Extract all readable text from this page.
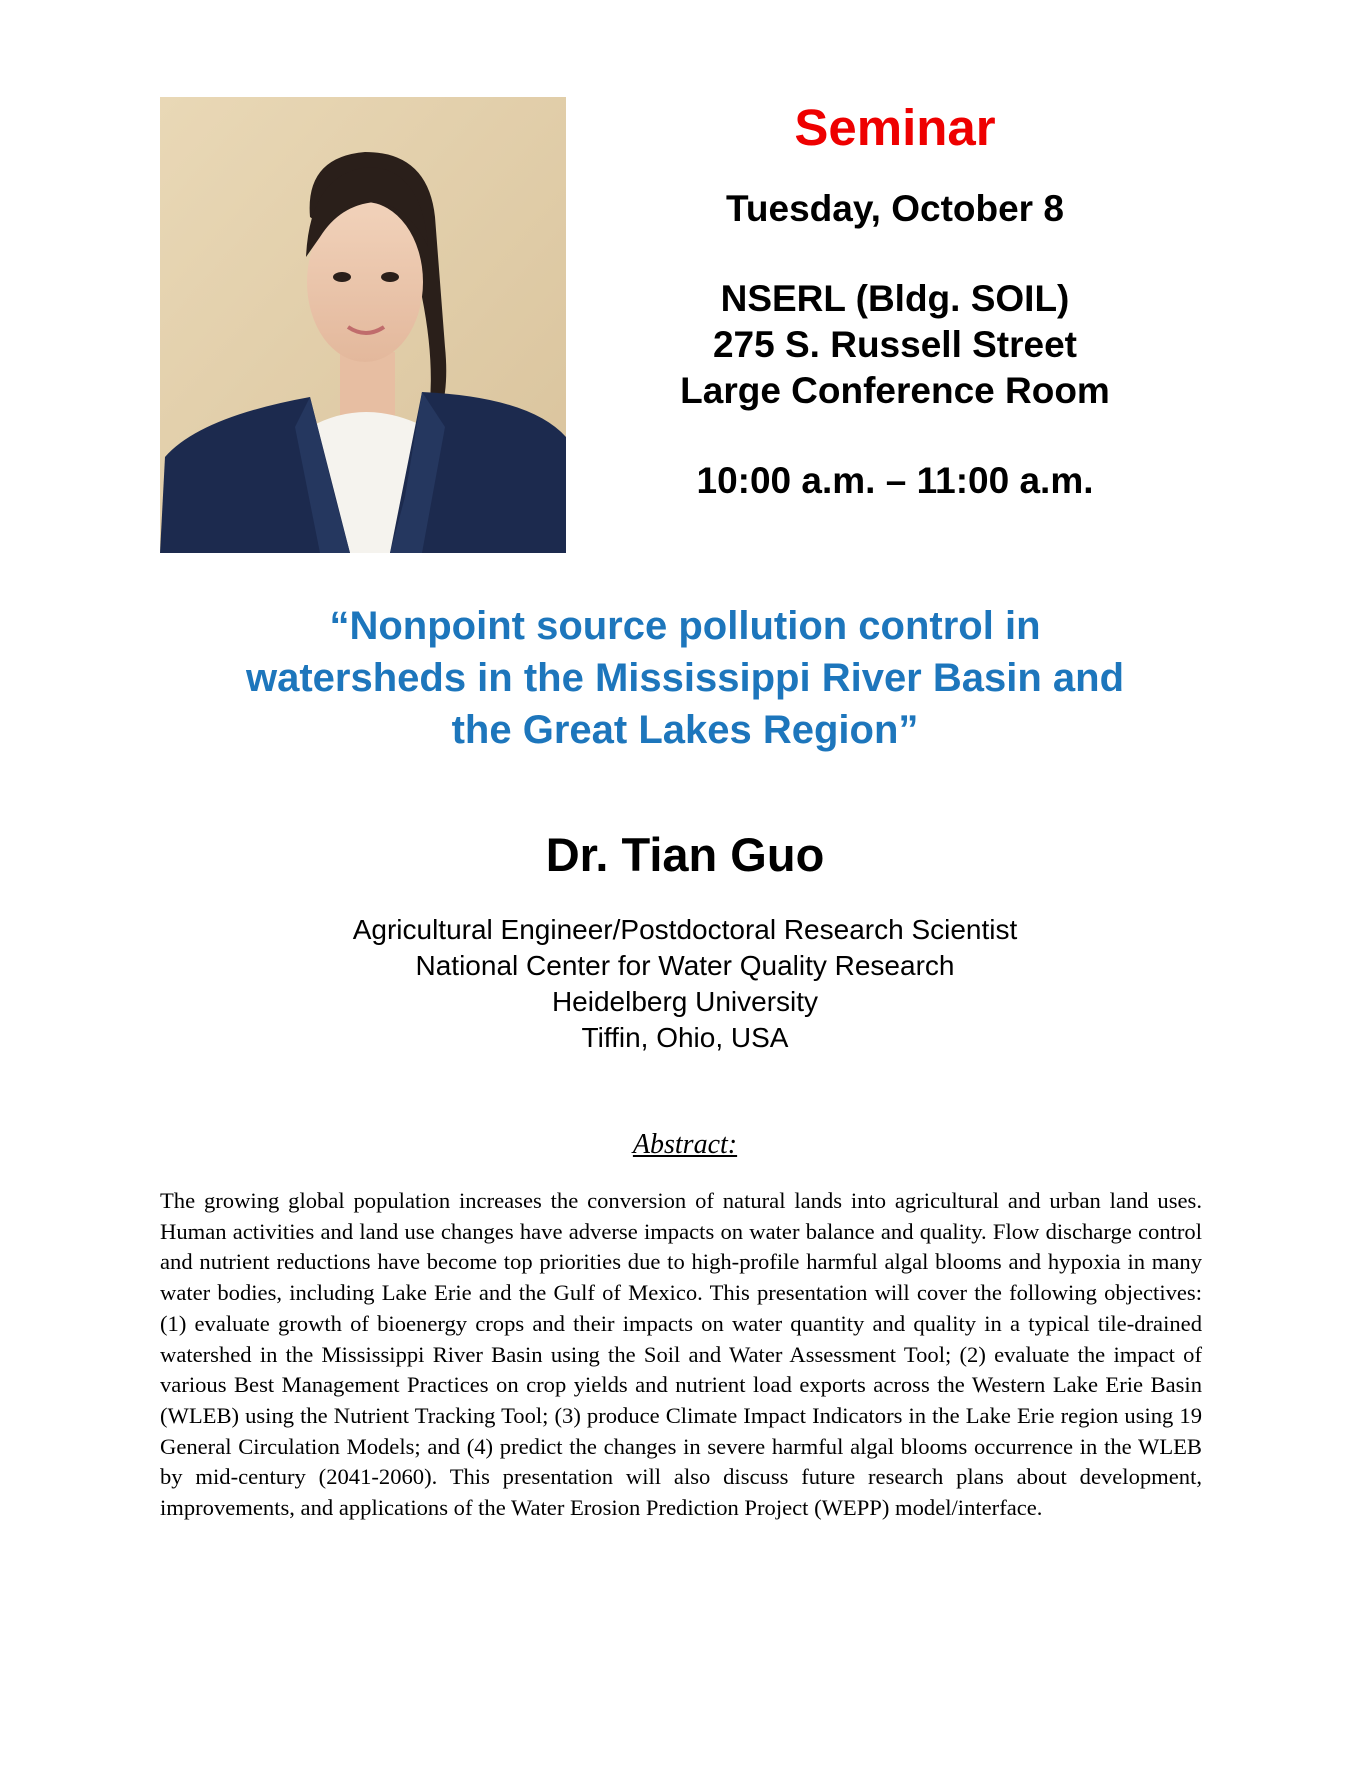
Seminar
Tuesday, October 8
NSERL (Bldg. SOIL)
275 S. Russell Street
Large Conference Room
10:00 a.m. – 11:00 a.m.
“Nonpoint source pollution control in
watersheds in the Mississippi River Basin and
the Great Lakes Region”
Dr. Tian Guo
Agricultural Engineer/Postdoctoral Research Scientist
National Center for Water Quality Research
Heidelberg University
Tiffin, Ohio, USA
Abstract:

The growing global population increases the conversion of natural lands into agricultural and urban land uses. Human activities and land use changes have adverse impacts on water balance and quality. Flow discharge control and nutrient reductions have become top priorities due to high-profile harmful algal blooms and hypoxia in many water bodies, including Lake Erie and the Gulf of Mexico. This presentation will cover the following objectives: (1) evaluate growth of bioenergy crops and their impacts on water quantity and quality in a typical tile-drained watershed in the Mississippi River Basin using the Soil and Water Assessment Tool; (2) evaluate the impact of various Best Management Practices on crop yields and nutrient load exports across the Western Lake Erie Basin (WLEB) using the Nutrient Tracking Tool; (3) produce Climate Impact Indicators in the Lake Erie region using 19 General Circulation Models; and (4) predict the changes in severe harmful algal blooms occurrence in the WLEB by mid-century (2041-2060). This presentation will also discuss future research plans about development, improvements, and applications of the Water Erosion Prediction Project (WEPP) model/interface.
